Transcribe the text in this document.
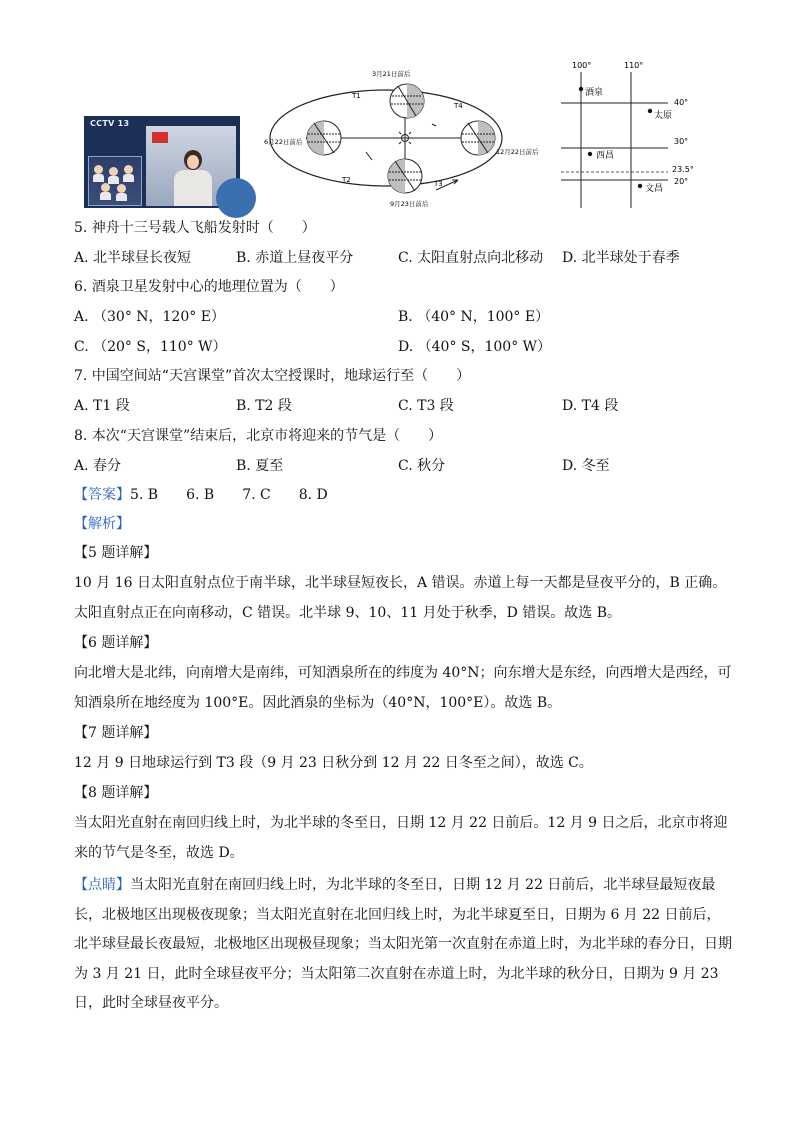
CCTV 13
3月21日前后
6月22日前后
12月22日前后
9月23日前后
T1
T2	T3
T4
100°	110°
40°
30°
23.5°
20°
酒泉
太原
西昌
文昌
5. 神舟十三号载人飞船发射时（　　）
A. 北半球昼长夜短	B. 赤道上昼夜平分	C. 太阳直射点向北移动 D. 北半球处于春季
6. 酒泉卫星发射中心的地理位置为（　　）
A. （30° N，120° E）	B. （40° N，100° E）
C. （20° S，110° W）	D. （40° S，100° W）
7. 中国空间站“天宫课堂”首次太空授课时，地球运行至（　　）
A. T1 段	B. T2 段	C. T3 段	D. T4 段
8. 本次“天宫课堂”结束后，北京市将迎来的节气是（　　）
A. 春分	B. 夏至	C. 秋分	D. 冬至
【答案】5. B　　6. B　　7. C　　8. D
【解析】
【5 题详解】
10 月 16 日太阳直射点位于南半球，北半球昼短夜长，A 错误。赤道上每一天都是昼夜平分的，B 正确。太阳直射点正在向南移动，C 错误。北半球 9、10、11 月处于秋季，D 错误。故选 B。
【6 题详解】
向北增大是北纬，向南增大是南纬，可知酒泉所在的纬度为 40°N；向东增大是东经，向西增大是西经，可知酒泉所在地经度为 100°E。因此酒泉的坐标为（40°N，100°E）。故选 B。
【7 题详解】
12 月 9 日地球运行到 T3 段（9 月 23 日秋分到 12 月 22 日冬至之间），故选 C。
【8 题详解】
当太阳光直射在南回归线上时，为北半球的冬至日，日期 12 月 22 日前后。12 月 9 日之后，北京市将迎来的节气是冬至，故选 D。
【点睛】当太阳光直射在南回归线上时，为北半球的冬至日，日期 12 月 22 日前后，北半球昼最短夜最长，北极地区出现极夜现象；当太阳光直射在北回归线上时，为北半球夏至日，日期为 6 月 22 日前后，北半球昼最长夜最短，北极地区出现极昼现象；当太阳光第一次直射在赤道上时，为北半球的春分日，日期为 3 月 21 日，此时全球昼夜平分；当太阳第二次直射在赤道上时，为北半球的秋分日，日期为 9 月 23 日，此时全球昼夜平分。
